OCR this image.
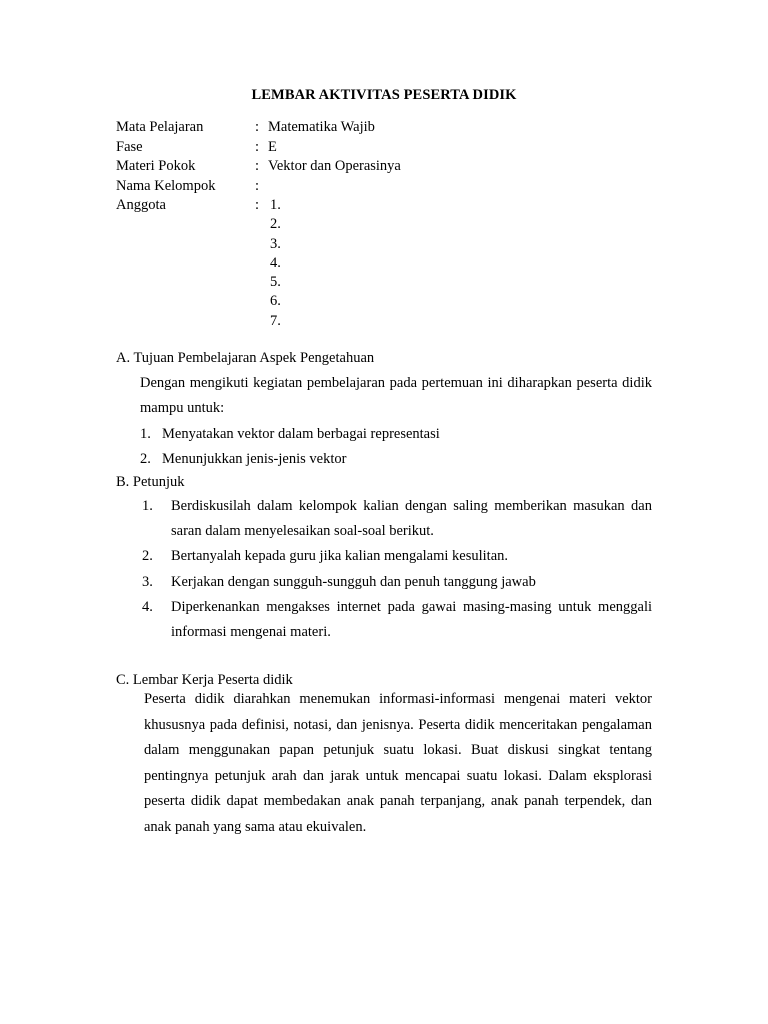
LEMBAR AKTIVITAS PESERTA DIDIK
Mata Pelajaran	: Matematika Wajib
Fase	: E
Materi Pokok	: Vektor dan Operasinya
Nama Kelompok	:
Anggota	: 1.
2.
3.
4.
5.
6.
7.
A. Tujuan Pembelajaran Aspek Pengetahuan
Dengan mengikuti kegiatan pembelajaran pada pertemuan ini diharapkan peserta didik mampu untuk:
1. Menyatakan vektor dalam berbagai representasi
2. Menunjukkan jenis-jenis vektor
B. Petunjuk
1.	Berdiskusilah dalam kelompok kalian dengan saling memberikan masukan dan saran dalam menyelesaikan soal-soal berikut.
2.	Bertanyalah kepada guru jika kalian mengalami kesulitan.
3.	Kerjakan dengan sungguh-sungguh dan penuh tanggung jawab
4.	Diperkenankan mengakses internet pada gawai masing-masing untuk menggali informasi mengenai materi.
C. Lembar Kerja Peserta didik
Peserta didik diarahkan menemukan informasi-informasi mengenai materi vektor khususnya pada definisi, notasi, dan jenisnya. Peserta didik menceritakan pengalaman dalam menggunakan papan petunjuk suatu lokasi. Buat diskusi singkat tentang pentingnya petunjuk arah dan jarak untuk mencapai suatu lokasi. Dalam eksplorasi peserta didik dapat membedakan anak panah terpanjang, anak panah terpendek, dan anak panah yang sama atau ekuivalen.
